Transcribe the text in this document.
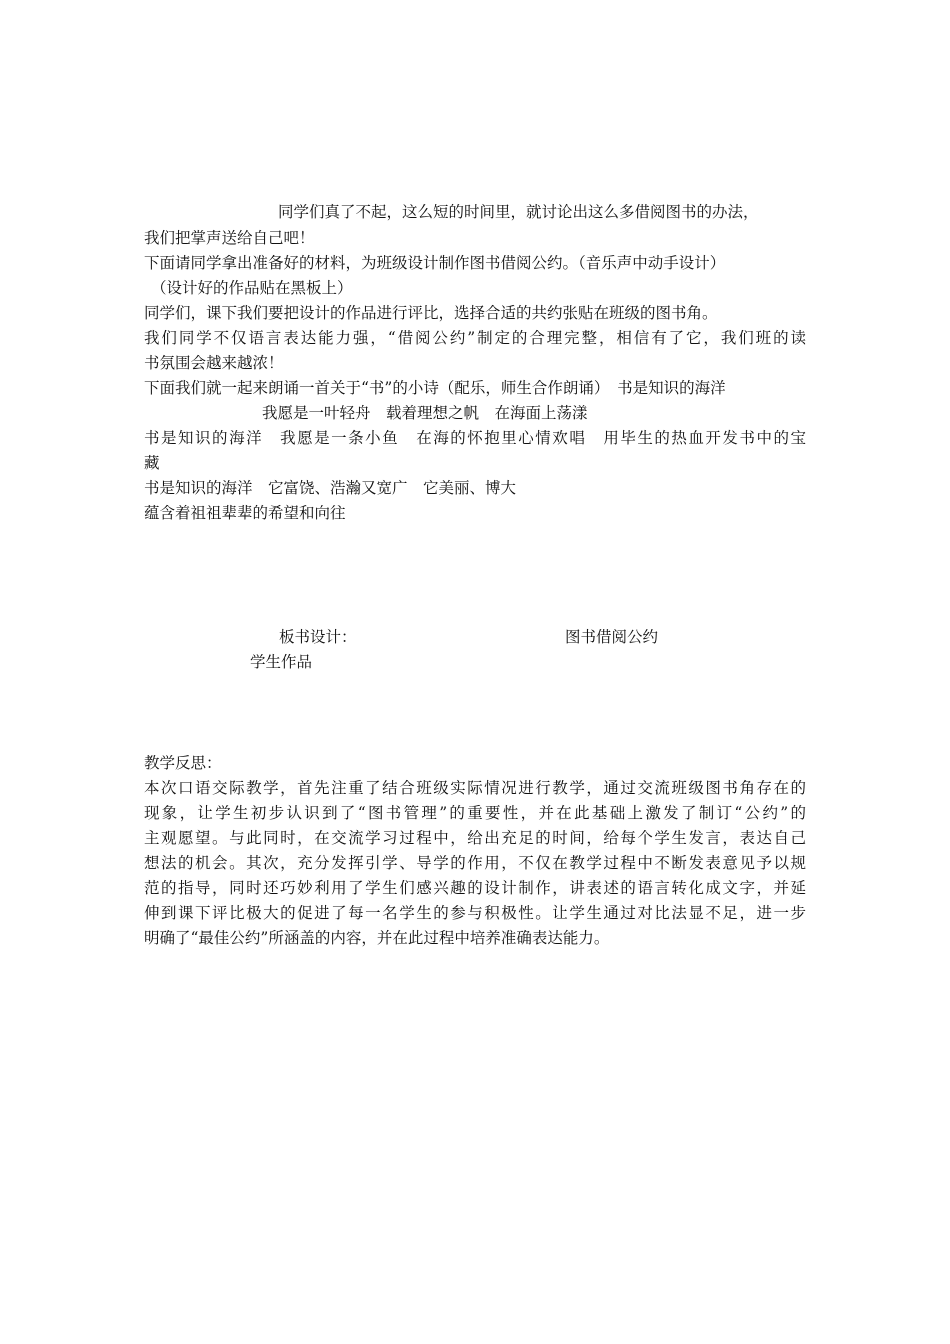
同学们真了不起，这么短的时间里，就讨论出这么多借阅图书的办法，
我们把掌声送给自己吧！
下面请同学拿出准备好的材料，为班级设计制作图书借阅公约。（音乐声中动手设计）
（设计好的作品贴在黑板上）
同学们，课下我们要把设计的作品进行评比，选择合适的共约张贴在班级的图书角。
我们同学不仅语言表达能力强，“借阅公约”制定的合理完整，相信有了它，我们班的读
书氛围会越来越浓！
下面我们就一起来朗诵一首关于“书”的小诗（配乐，师生合作朗诵）　书是知识的海洋
我愿是一叶轻舟　载着理想之帆　在海面上荡漾
书是知识的海洋　我愿是一条小鱼　在海的怀抱里心情欢唱　用毕生的热血开发书中的宝
藏
书是知识的海洋　它富饶、浩瀚又宽广　它美丽、博大
蕴含着祖祖辈辈的希望和向往
板书设计：	图书借阅公约
学生作品
教学反思：
本次口语交际教学，首先注重了结合班级实际情况进行教学，通过交流班级图书角存在的
现象，让学生初步认识到了“图书管理”的重要性，并在此基础上激发了制订“公约”的
主观愿望。与此同时，在交流学习过程中，给出充足的时间，给每个学生发言，表达自己
想法的机会。其次，充分发挥引学、导学的作用，不仅在教学过程中不断发表意见予以规
范的指导，同时还巧妙利用了学生们感兴趣的设计制作，讲表述的语言转化成文字，并延
伸到课下评比极大的促进了每一名学生的参与积极性。让学生通过对比法显不足，进一步
明确了“最佳公约”所涵盖的内容，并在此过程中培养准确表达能力。
